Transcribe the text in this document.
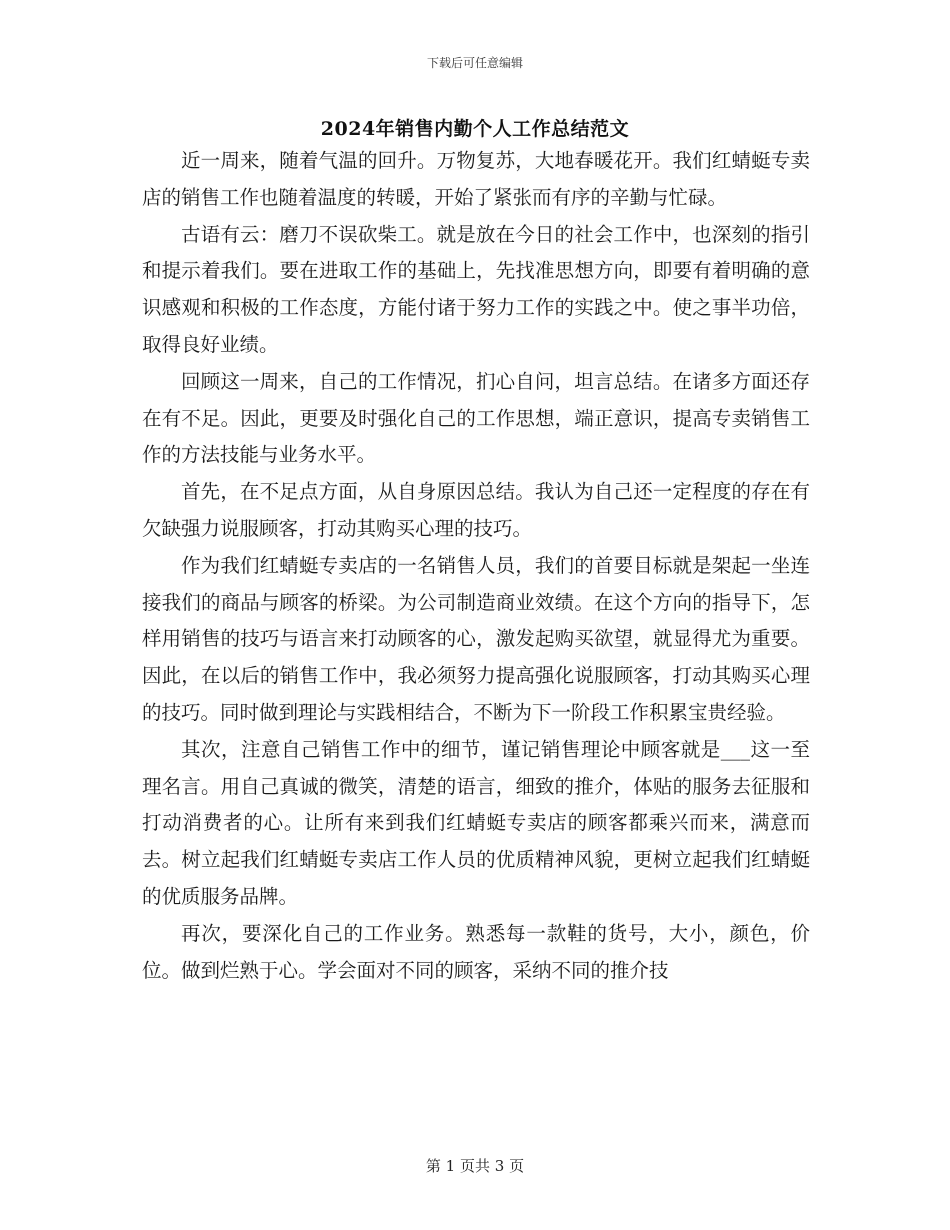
下载后可任意编辑
2024年销售内勤个人工作总结范文

近一周来，随着气温的回升。万物复苏，大地春暖花开。我们红蜻蜓专卖店的销售工作也随着温度的转暖，开始了紧张而有序的辛勤与忙碌。

古语有云：磨刀不误砍柴工。就是放在今日的社会工作中，也深刻的指引和提示着我们。要在进取工作的基础上，先找准思想方向，即要有着明确的意识感观和积极的工作态度，方能付诸于努力工作的实践之中。使之事半功倍，取得良好业绩。

回顾这一周来，自己的工作情况，扪心自问，坦言总结。在诸多方面还存在有不足。因此，更要及时强化自己的工作思想，端正意识，提高专卖销售工作的方法技能与业务水平。

首先，在不足点方面，从自身原因总结。我认为自己还一定程度的存在有欠缺强力说服顾客，打动其购买心理的技巧。

作为我们红蜻蜓专卖店的一名销售人员，我们的首要目标就是架起一坐连接我们的商品与顾客的桥梁。为公司制造商业效绩。在这个方向的指导下，怎样用销售的技巧与语言来打动顾客的心，激发起购买欲望，就显得尤为重要。因此，在以后的销售工作中，我必须努力提高强化说服顾客，打动其购买心理的技巧。同时做到理论与实践相结合，不断为下一阶段工作积累宝贵经验。

其次，注意自己销售工作中的细节，谨记销售理论中顾客就是___这一至理名言。用自己真诚的微笑，清楚的语言，细致的推介，体贴的服务去征服和打动消费者的心。让所有来到我们红蜻蜓专卖店的顾客都乘兴而来，满意而去。树立起我们红蜻蜓专卖店工作人员的优质精神风貌，更树立起我们红蜻蜓的优质服务品牌。

再次，要深化自己的工作业务。熟悉每一款鞋的货号，大小，颜色，价位。做到烂熟于心。学会面对不同的顾客，采纳不同的推介技

第 1 页共 3 页
